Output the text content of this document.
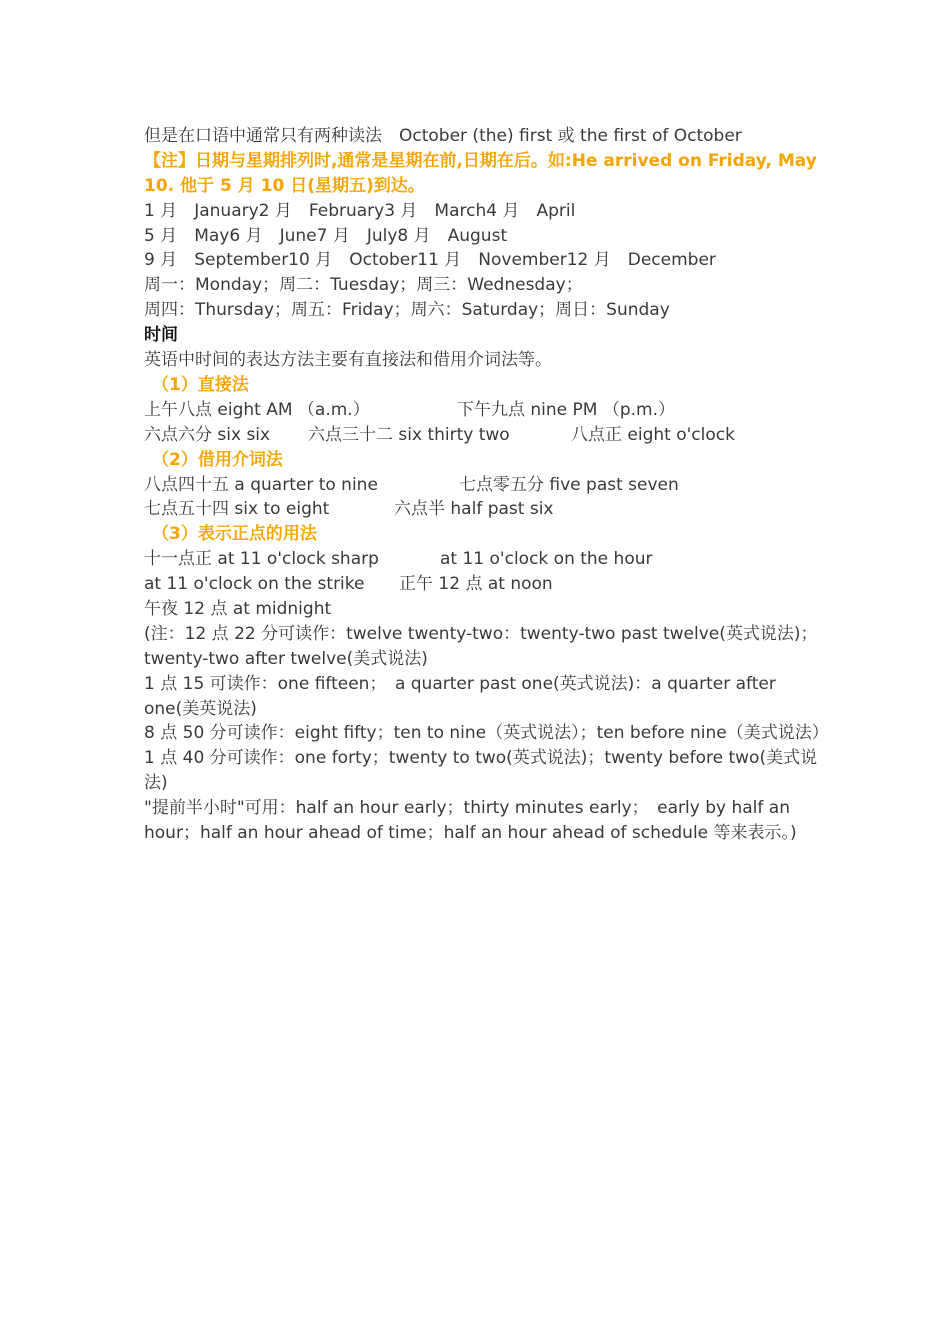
但是在口语中通常只有两种读法　October (the) first 或 the first of October
【注】日期与星期排列时,通常是星期在前,日期在后。如:He arrived on Friday, May 10. 他于 5 月 10 日(星期五)到达。
1 月　January2 月　February3 月　March4 月　April
5 月　May6 月　June7 月　July8 月　August
9 月　September10 月　October11 月　November12 月　December
周一：Monday；周二：Tuesday；周三：Wednesday；
周四：Thursday；周五：Friday；周六：Saturday；周日：Sunday
时间
英语中时间的表达方法主要有直接法和借用介词法等。
（1）直接法
上午八点 eight AM （a.m.）	下午九点 nine PM （p.m.）
六点六分 six six 六点三十二 six thirty two	八点正 eight o'clock
（2）借用介词法
八点四十五 a quarter to nine	七点零五分 five past seven
七点五十四 six to eight	六点半 half past six
（3）表示正点的用法
十一点正 at 11 o'clock sharp	at 11 o'clock on the hour
at 11 o'clock on the strike 正午 12 点 at noon
午夜 12 点 at midnight
(注：12 点 22 分可读作：twelve twenty-two：twenty-two past twelve(英式说法)；twenty-two after twelve(美式说法)
1 点 15 可读作：one fifteen；　a quarter past one(英式说法)：a quarter after one(美英说法)
8 点 50 分可读作：eight fifty；ten to nine（英式说法）；ten before nine（美式说法）
1 点 40 分可读作：one forty；twenty to two(英式说法)；twenty before two(美式说法)
"提前半小时"可用：half an hour early；thirty minutes early；　early by half an hour；half an hour ahead of time；half an hour ahead of schedule 等来表示。)
